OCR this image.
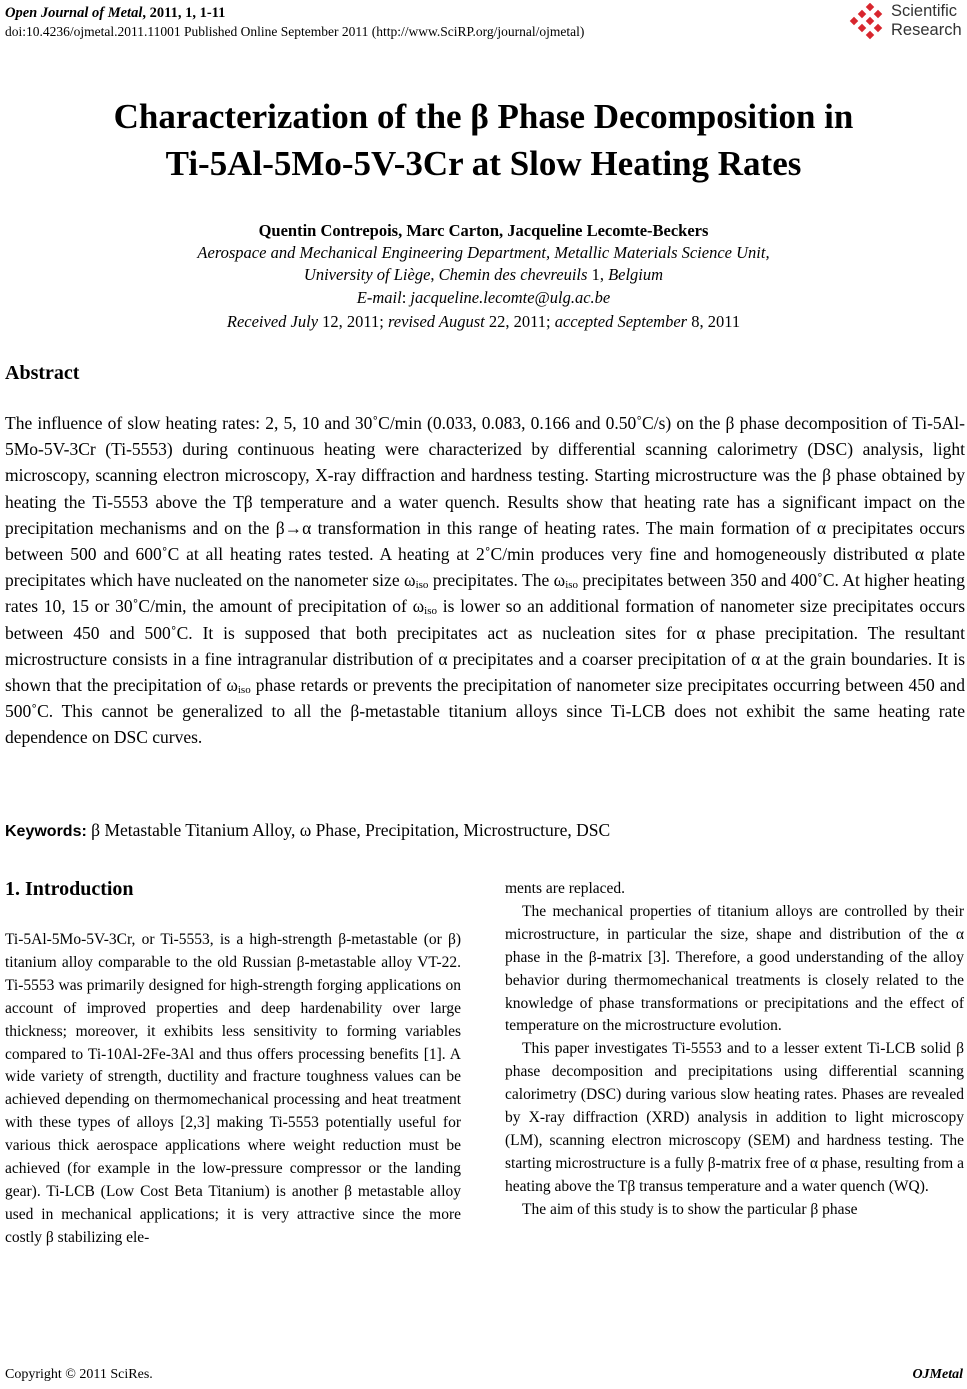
Open Journal of Metal, 2011, 1, 1-11
doi:10.4236/ojmetal.2011.11001 Published Online September 2011 (http://www.SciRP.org/journal/ojmetal)
Scientific
Research
Characterization of the β Phase Decomposition in
Ti-5Al-5Mo-5V-3Cr at Slow Heating Rates
Quentin Contrepois, Marc Carton, Jacqueline Lecomte-Beckers
Aerospace and Mechanical Engineering Department, Metallic Materials Science Unit,
University of Liège, Chemin des chevreuils 1, Belgium
E-mail: jacqueline.lecomte@ulg.ac.be
Received July 12, 2011; revised August 22, 2011; accepted September 8, 2011
Abstract
The influence of slow heating rates: 2, 5, 10 and 30˚C/min (0.033, 0.083, 0.166 and 0.50˚C/s) on the β phase decomposition of Ti-5Al-5Mo-5V-3Cr (Ti-5553) during continuous heating were characterized by differential scanning calorimetry (DSC) analysis, light microscopy, scanning electron microscopy, X-ray diffraction and hardness testing. Starting microstructure was the β phase obtained by heating the Ti-5553 above the Tβ temperature and a water quench. Results show that heating rate has a significant impact on the precipitation mechanisms and on the β→α transformation in this range of heating rates. The main formation of α precipitates occurs between 500 and 600˚C at all heating rates tested. A heating at 2˚C/min produces very fine and homogeneously distributed α plate precipitates which have nucleated on the nanometer size $\omega_{iso}$ precipitates. The $\omega_{iso}$ precipitates between 350 and 400˚C. At higher heating rates 10, 15 or 30˚C/min, the amount of precipitation of $\omega_{iso}$ is lower so an additional formation of nanometer size precipitates occurs between 450 and 500˚C. It is supposed that both precipitates act as nucleation sites for α phase precipitation. The resultant microstructure consists in a fine intragranular distribution of α precipitates and a coarser precipitation of α at the grain boundaries. It is shown that the precipitation of $\omega_{iso}$ phase retards or prevents the precipitation of nanometer size precipitates occurring between 450 and 500˚C. This cannot be generalized to all the β-metastable titanium alloys since Ti-LCB does not exhibit the same heating rate dependence on DSC curves.
Keywords: β Metastable Titanium Alloy, ω Phase, Precipitation, Microstructure, DSC
1. Introduction

Ti-5Al-5Mo-5V-3Cr, or Ti-5553, is a high-strength β-metastable (or β) titanium alloy comparable to the old Russian β-metastable alloy VT-22. Ti-5553 was primarily designed for high-strength forging applications on account of improved properties and deep hardenability over large thickness; moreover, it exhibits less sensitivity to forming variables compared to Ti-10Al-2Fe-3Al and thus offers processing benefits [1]. A wide variety of strength, ductility and fracture toughness values can be achieved depending on thermomechanical processing and heat treatment with these types of alloys [2,3] making Ti-5553 potentially useful for various thick aerospace applications where weight reduction must be achieved (for example in the low-pressure compressor or the landing gear). Ti-LCB (Low Cost Beta Titanium) is another β metastable alloy used in mechanical applications; it is very attractive since the more costly β stabilizing ele-

ments are replaced.

The mechanical properties of titanium alloys are controlled by their microstructure, in particular the size, shape and distribution of the α phase in the β-matrix [3]. Therefore, a good understanding of the alloy behavior during thermomechanical treatments is closely related to the knowledge of phase transformations or precipitations and the effect of temperature on the microstructure evolution.

This paper investigates Ti-5553 and to a lesser extent Ti-LCB solid β phase decomposition and precipitations using differential scanning calorimetry (DSC) during various slow heating rates. Phases are revealed by X-ray diffraction (XRD) analysis in addition to light microscopy (LM), scanning electron microscopy (SEM) and hardness testing. The starting microstructure is a fully β-matrix free of α phase, resulting from a heating above the Tβ transus temperature and a water quench (WQ).

The aim of this study is to show the particular β phase

Copyright © 2011 SciRes.	OJMetal
